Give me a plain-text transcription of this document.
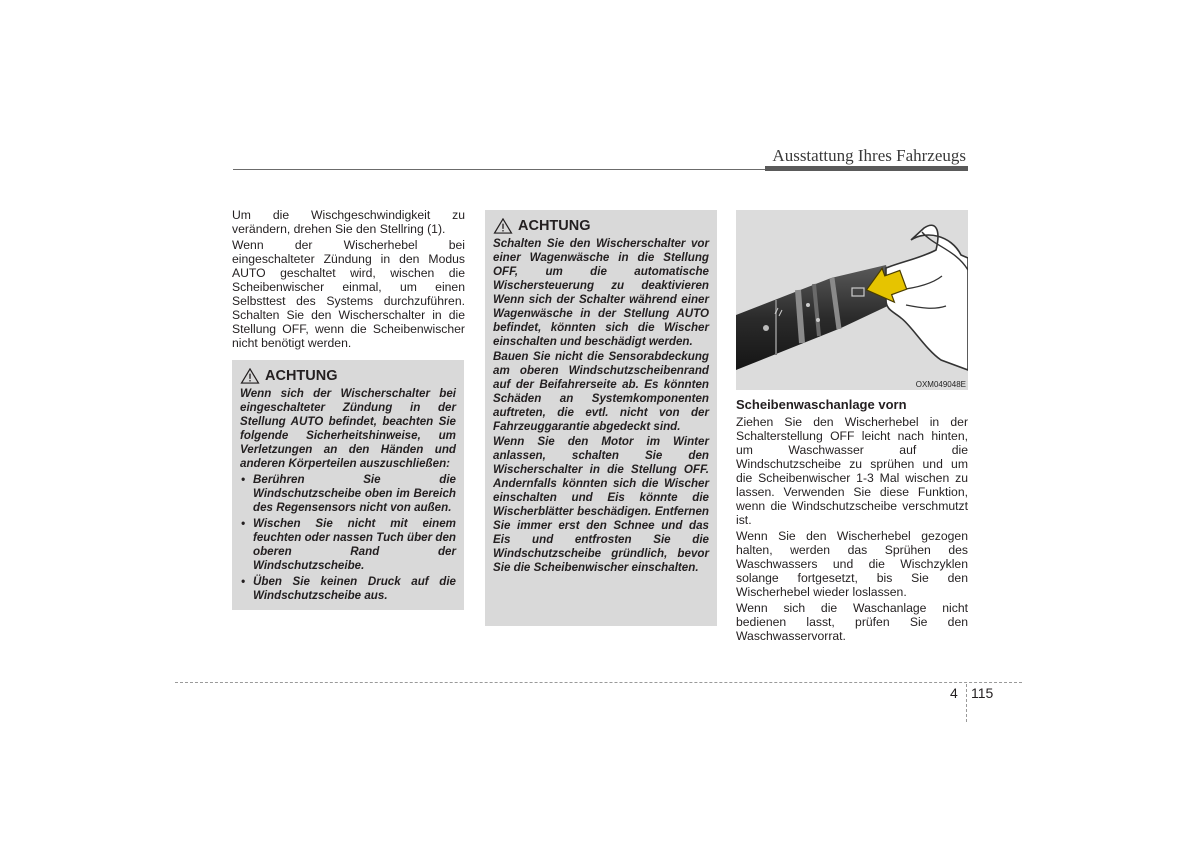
Ausstattung Ihres Fahrzeugs

Um die Wischgeschwindigkeit zu verändern, drehen Sie den Stellring (1).

Wenn der Wischerhebel bei eingeschalteter Zündung in den Modus AUTO geschaltet wird, wischen die Scheibenwischer einmal, um einen Selbsttest des Systems durchzuführen. Schalten Sie den Wischerschalter in die Stellung OFF, wenn die Scheibenwischer nicht benötigt werden.

ACHTUNG

Wenn sich der Wischerschalter bei eingeschalteter Zündung in der Stellung AUTO befindet, beachten Sie folgende Sicherheitshinweise, um Verletzungen an den Händen und anderen Körperteilen auszuschließen:

• Berühren Sie die Windschutzscheibe oben im Bereich des Regensensors nicht von außen.
• Wischen Sie nicht mit einem feuchten oder nassen Tuch über den oberen Rand der Windschutzscheibe.
• Üben Sie keinen Druck auf die Windschutzscheibe aus.
ACHTUNG

Schalten Sie den Wischerschalter vor einer Wagenwäsche in die Stellung OFF, um die automatische Wischersteuerung zu deaktivieren Wenn sich der Schalter während einer Wagenwäsche in der Stellung AUTO befindet, könnten sich die Wischer einschalten und beschädigt werden.

Bauen Sie nicht die Sensorabdeckung am oberen Windschutzscheibenrand auf der Beifahrerseite ab. Es könnten Schäden an Systemkomponenten auftreten, die evtl. nicht von der Fahrzeuggarantie abgedeckt sind.

Wenn Sie den Motor im Winter anlassen, schalten Sie den Wischerschalter in die Stellung OFF. Andernfalls könnten sich die Wischer einschalten und Eis könnte die Wischerblätter beschädigen. Entfernen Sie immer erst den Schnee und das Eis und entfrosten Sie die Windschutzscheibe gründlich, bevor Sie die Scheibenwischer einschalten.

OXM049048E

Scheibenwaschanlage vorn

Ziehen Sie den Wischerhebel in der Schalterstellung OFF leicht nach hinten, um Waschwasser auf die Windschutzscheibe zu sprühen und um die Scheibenwischer 1-3 Mal wischen zu lassen. Verwenden Sie diese Funktion, wenn die Windschutzscheibe verschmutzt ist.

Wenn Sie den Wischerhebel gezogen halten, werden das Sprühen des Waschwassers und die Wischzyklen solange fortgesetzt, bis Sie den Wischerhebel wieder loslassen.

Wenn sich die Waschanlage nicht bedienen lasst, prüfen Sie den Waschwasservorrat.

4 115
